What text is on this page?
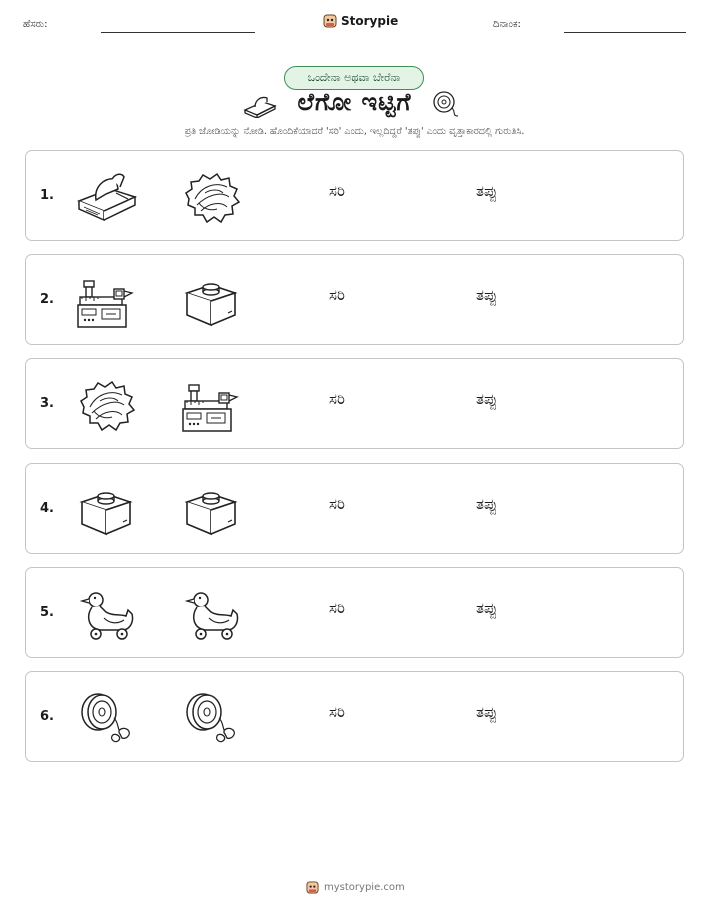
ಹೆಸರು:	Storypie	ದಿನಾಂಕ:
ಒಂದೇನಾ ಅಥವಾ ಬೇರೆನಾ
ಲೆಗೋ ಇಟ್ಟಿಗೆ
ಪ್ರತಿ ಜೋಡಿಯನ್ನು ನೋಡಿ. ಹೊಂದಿಕೆಯಾದರೆ 'ಸರಿ' ಎಂದು, ಇಲ್ಲದಿದ್ದರೆ 'ತಪ್ಪು' ಎಂದು ವೃತ್ತಾಕಾರದಲ್ಲಿ ಗುರುತಿಸಿ.
1.	ಸರಿ	ತಪ್ಪು
2.	ಸರಿ	ತಪ್ಪು
3.	ಸರಿ	ತಪ್ಪು
4.	ಸರಿ	ತಪ್ಪು
5.	ಸರಿ	ತಪ್ಪು
6.	ಸರಿ	ತಪ್ಪು
mystorypie.com
